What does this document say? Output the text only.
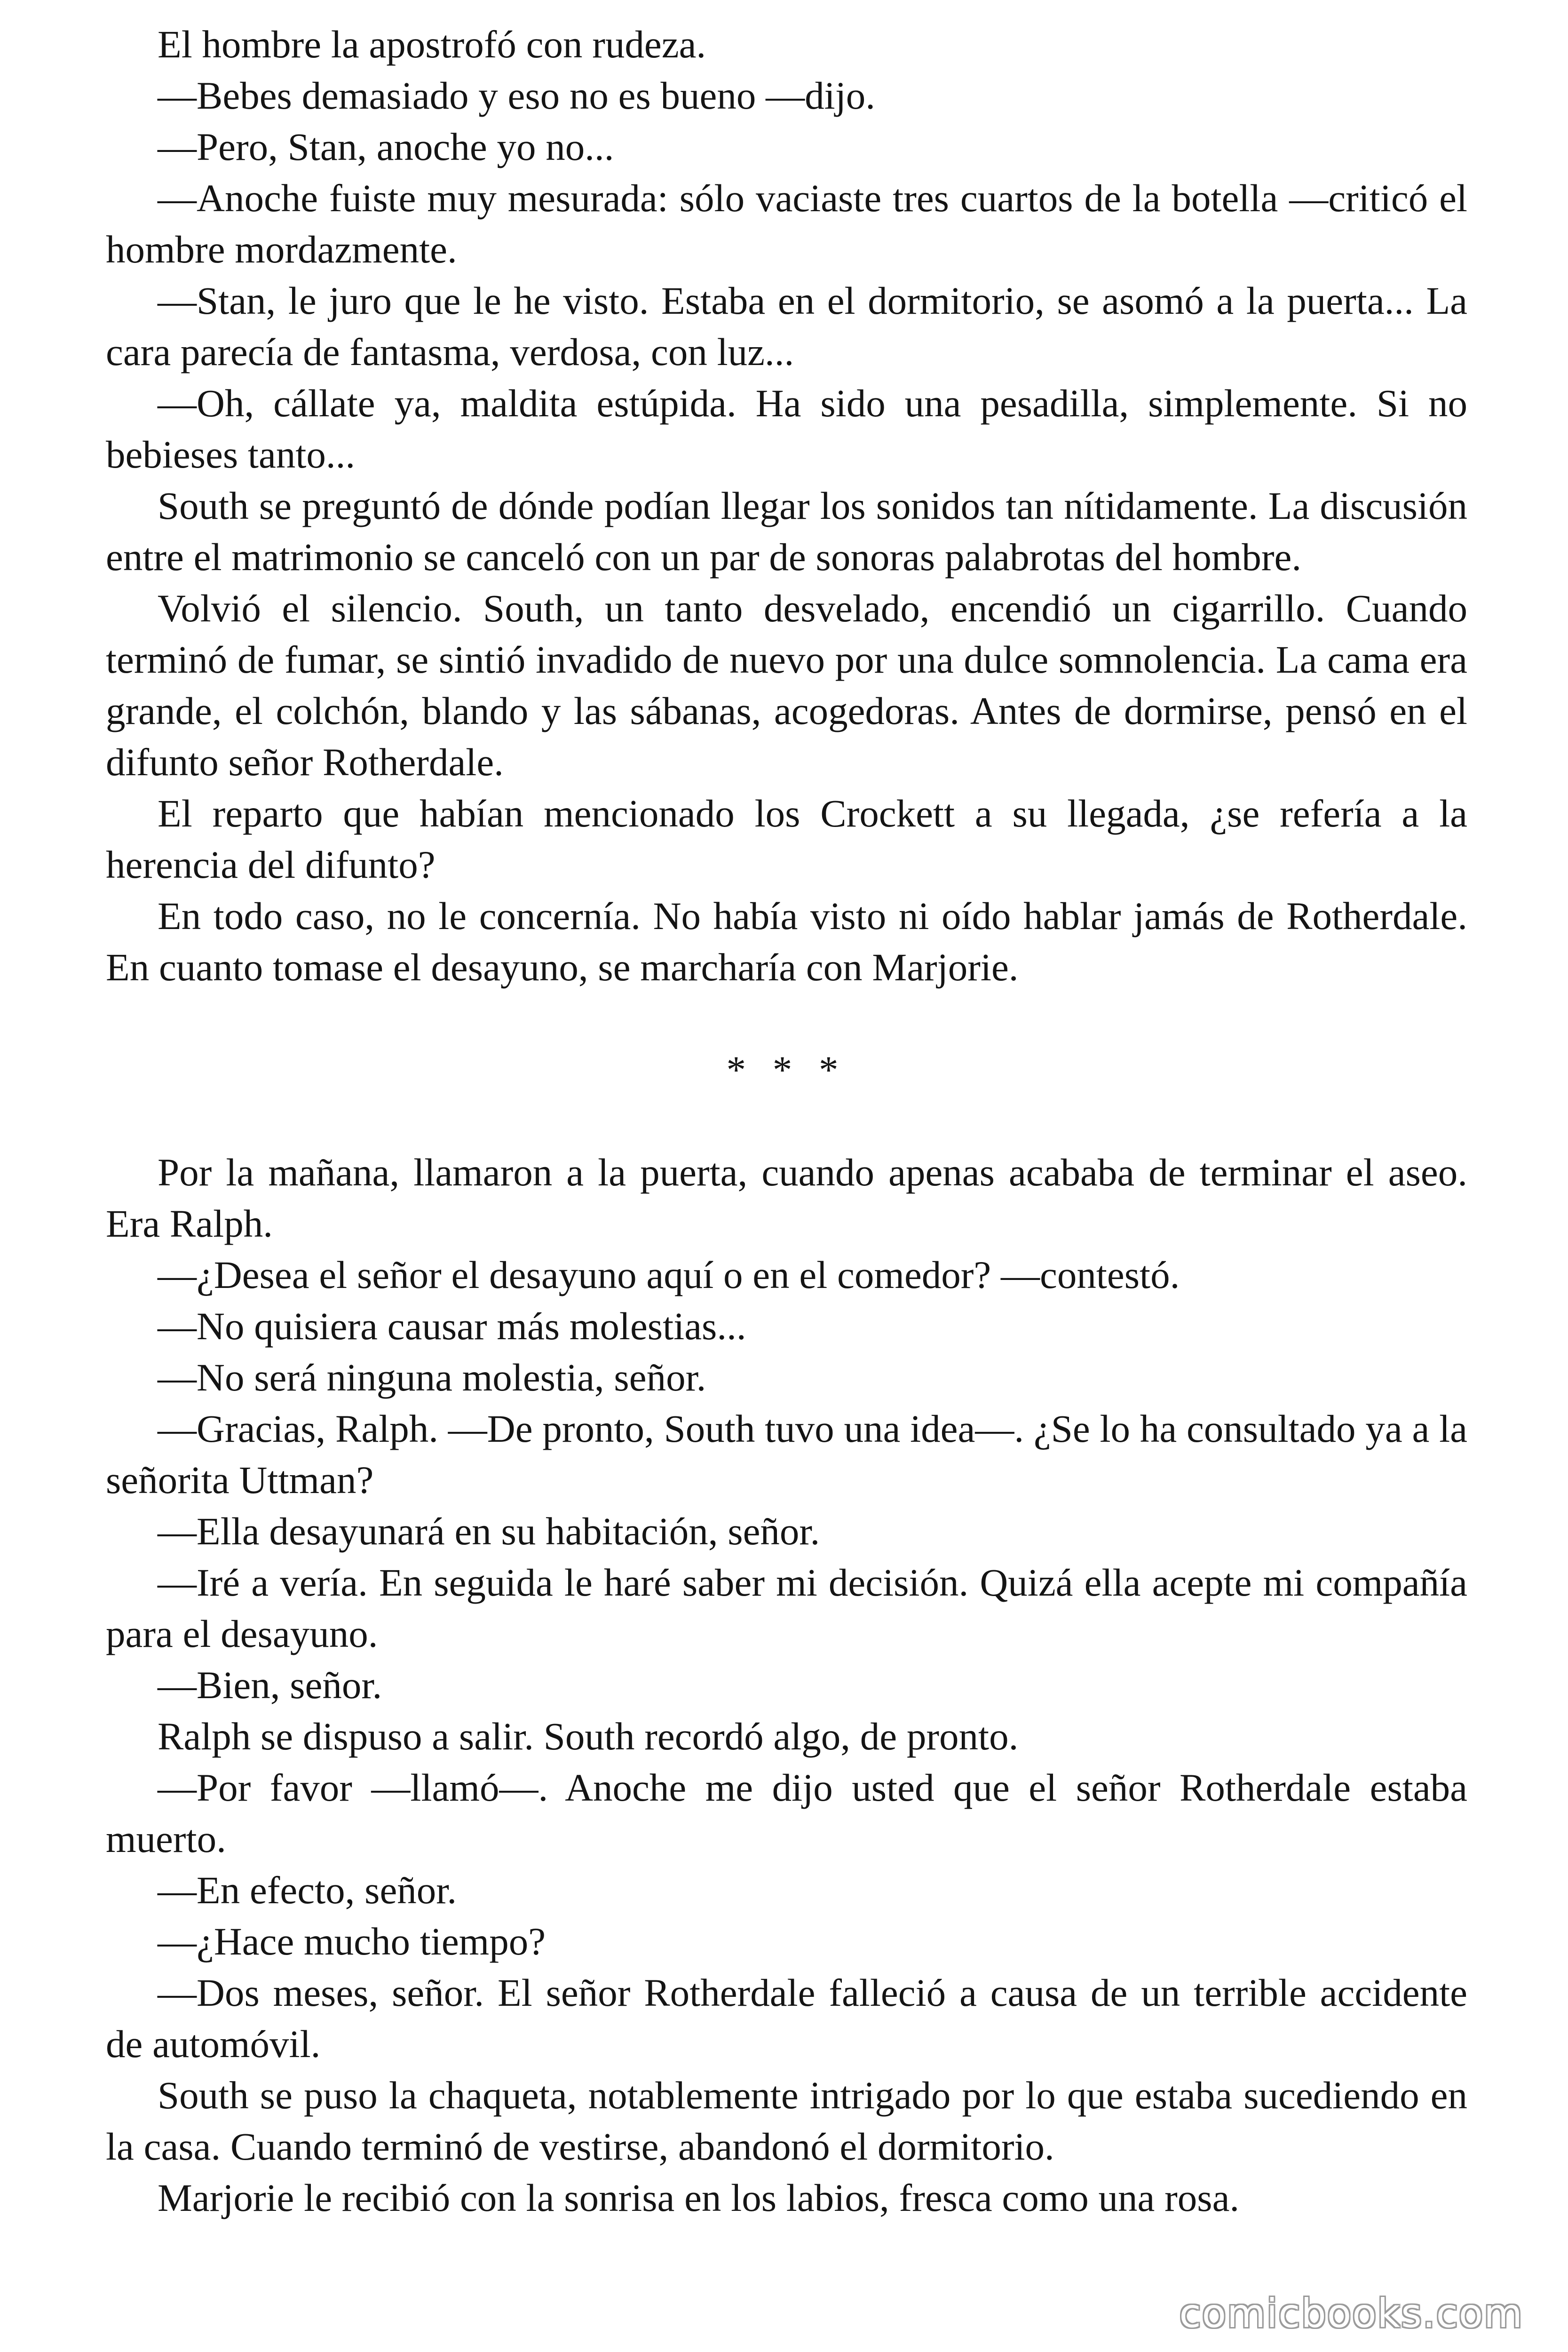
El hombre la apostrofó con rudeza.

—Bebes demasiado y eso no es bueno —dijo.

—Pero, Stan, anoche yo no...

—Anoche fuiste muy mesurada: sólo vaciaste tres cuartos de la botella —criticó el hombre mordazmente.

—Stan, le juro que le he visto. Estaba en el dormitorio, se asomó a la puerta... La cara parecía de fantasma, verdosa, con luz...

—Oh, cállate ya, maldita estúpida. Ha sido una pesadilla, simplemente. Si no bebieses tanto...

South se preguntó de dónde podían llegar los sonidos tan nítidamente. La discusión entre el matrimonio se canceló con un par de sonoras palabrotas del hombre.

Volvió el silencio. South, un tanto desvelado, encendió un cigarrillo. Cuando terminó de fumar, se sintió invadido de nuevo por una dulce somnolencia. La cama era grande, el colchón, blando y las sábanas, acogedoras. Antes de dormirse, pensó en el difunto señor Rotherdale.

El reparto que habían mencionado los Crockett a su llegada, ¿se refería a la herencia del difunto?

En todo caso, no le concernía. No había visto ni oído hablar jamás de Rotherdale. En cuanto tomase el desayuno, se marcharía con Marjorie.

* * *

Por la mañana, llamaron a la puerta, cuando apenas acababa de terminar el aseo. Era Ralph.

—¿Desea el señor el desayuno aquí o en el comedor? —contestó.

—No quisiera causar más molestias...

—No será ninguna molestia, señor.

—Gracias, Ralph. —De pronto, South tuvo una idea—. ¿Se lo ha consultado ya a la señorita Uttman?

—Ella desayunará en su habitación, señor.

—Iré a vería. En seguida le haré saber mi decisión. Quizá ella acepte mi compañía para el desayuno.

—Bien, señor.

Ralph se dispuso a salir. South recordó algo, de pronto.

—Por favor —llamó—. Anoche me dijo usted que el señor Rotherdale estaba muerto.

—En efecto, señor.

—¿Hace mucho tiempo?

—Dos meses, señor. El señor Rotherdale falleció a causa de un terrible accidente de automóvil.

South se puso la chaqueta, notablemente intrigado por lo que estaba sucediendo en la casa. Cuando terminó de vestirse, abandonó el dormitorio.

Marjorie le recibió con la sonrisa en los labios, fresca como una rosa.

comicbooks.com
